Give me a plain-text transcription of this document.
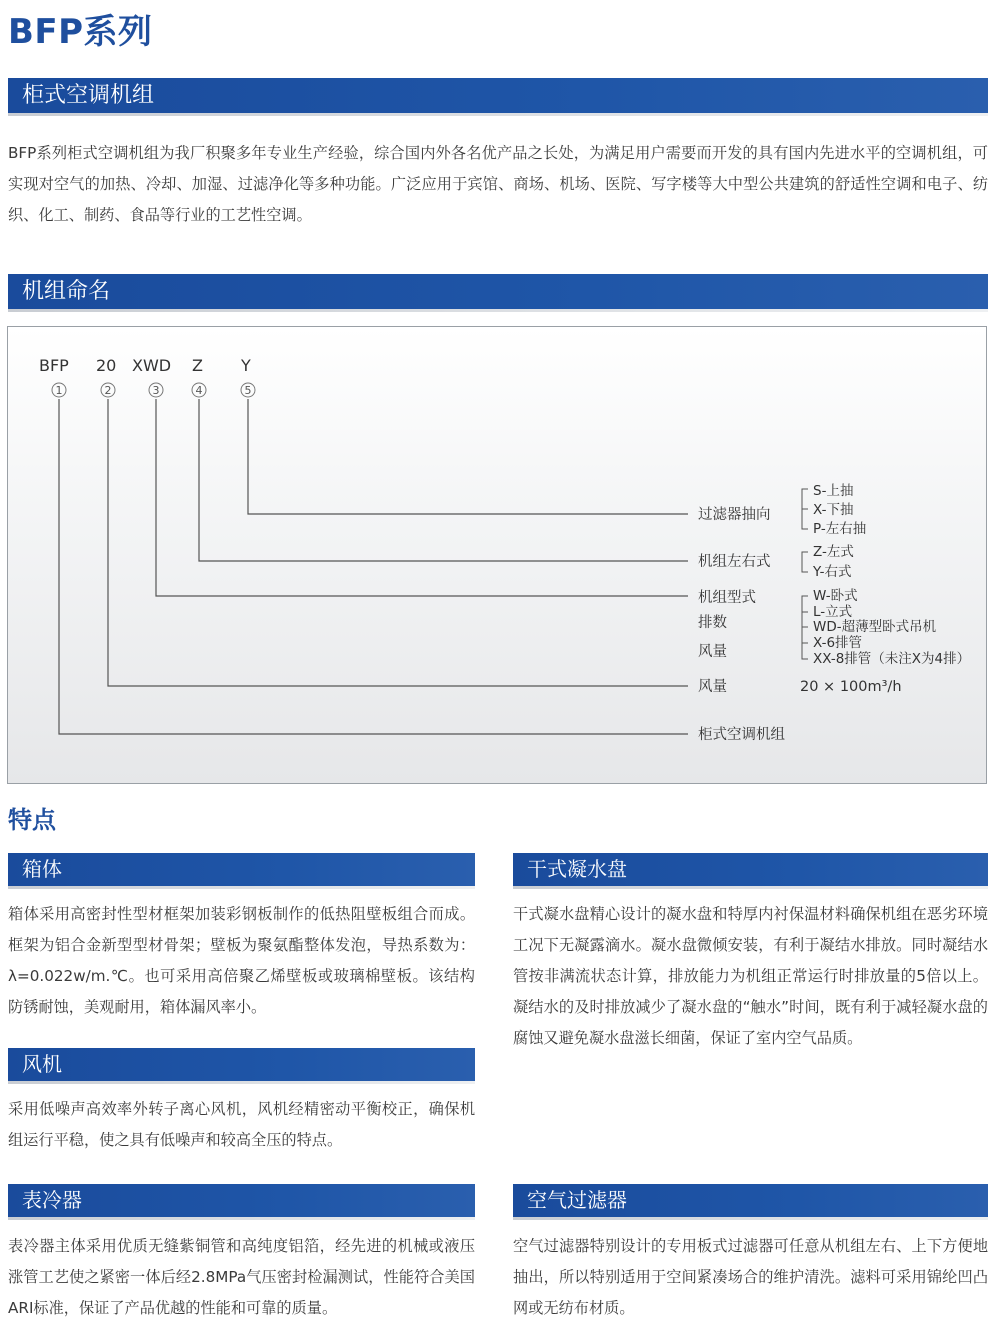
BFP系列
柜式空调机组

BFP系列柜式空调机组为我厂积聚多年专业生产经验，综合国内外各名优产品之长处，为满足用户需要而开发的具有国内先进水平的空调机组，可实现对空气的加热、冷却、加湿、过滤净化等多种功能。广泛应用于宾馆、商场、机场、医院、写字楼等大中型公共建筑的舒适性空调和电子、纺织、化工、制药、食品等行业的工艺性空调。

机组命名
BFP 20 XWD Z Y
1	2	3	4	5
过滤器抽向
机组左右式
机组型式
排数
风量
风量
柜式空调机组
S-上抽
X-下抽
P-左右抽
Z-左式
Y-右式
W-卧式
L-立式
WD-超薄型卧式吊机
X-6排管
XX-8排管（未注X为4排）
20 × 100m³/h
特点
箱体

箱体采用高密封性型材框架加装彩钢板制作的低热阻壁板组合而成。框架为铝合金新型型材骨架；壁板为聚氨酯整体发泡，导热系数为：λ=0.022w/m.℃。也可采用高倍聚乙烯壁板或玻璃棉壁板。该结构防锈耐蚀，美观耐用，箱体漏风率小。

风机

采用低噪声高效率外转子离心风机，风机经精密动平衡校正，确保机组运行平稳，使之具有低噪声和较高全压的特点。

表冷器

表冷器主体采用优质无缝紫铜管和高纯度铝箔，经先进的机械或液压涨管工艺使之紧密一体后经2.8MPa气压密封检漏测试，性能符合美国ARI标准，保证了产品优越的性能和可靠的质量。

干式凝水盘

干式凝水盘精心设计的凝水盘和特厚内衬保温材料确保机组在恶劣环境工况下无凝露滴水。凝水盘微倾安装，有利于凝结水排放。同时凝结水管按非满流状态计算，排放能力为机组正常运行时排放量的5倍以上。凝结水的及时排放减少了凝水盘的“触水”时间，既有利于减轻凝水盘的腐蚀又避免凝水盘滋长细菌，保证了室内空气品质。

空气过滤器

空气过滤器特别设计的专用板式过滤器可任意从机组左右、上下方便地抽出，所以特别适用于空间紧凑场合的维护清洗。滤料可采用锦纶凹凸网或无纺布材质。
